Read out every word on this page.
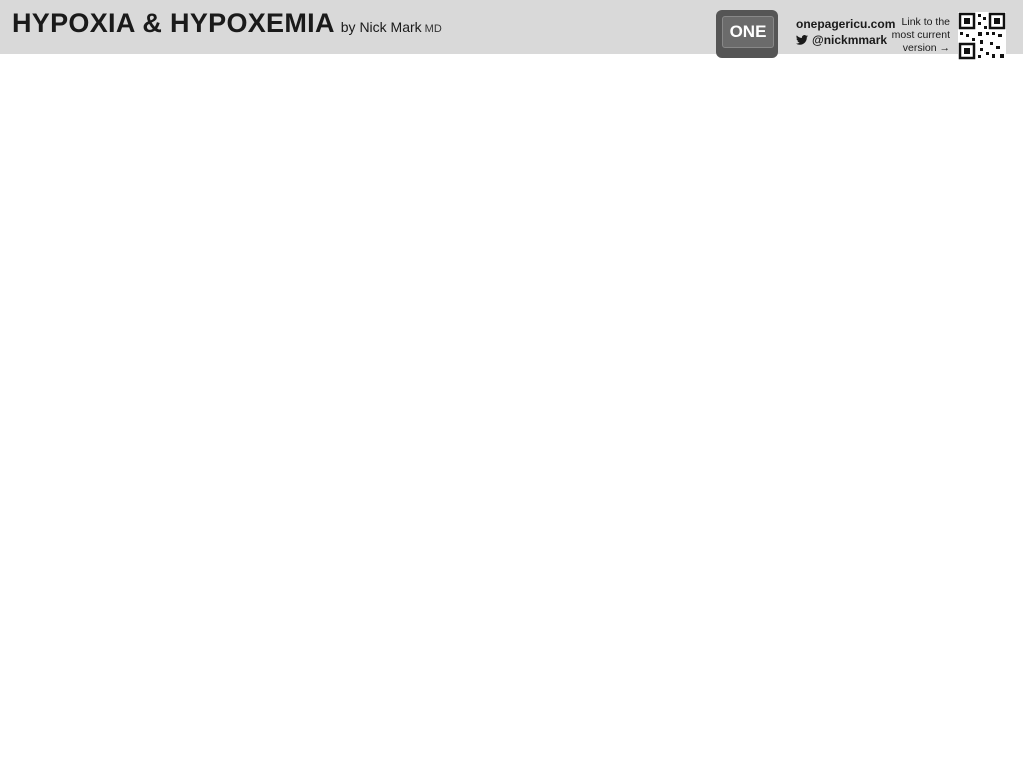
HYPOXIA & HYPOXEMIA by Nick Mark MD	ONE	onepagericu.com
@nickmmark
Link to the most current version →
